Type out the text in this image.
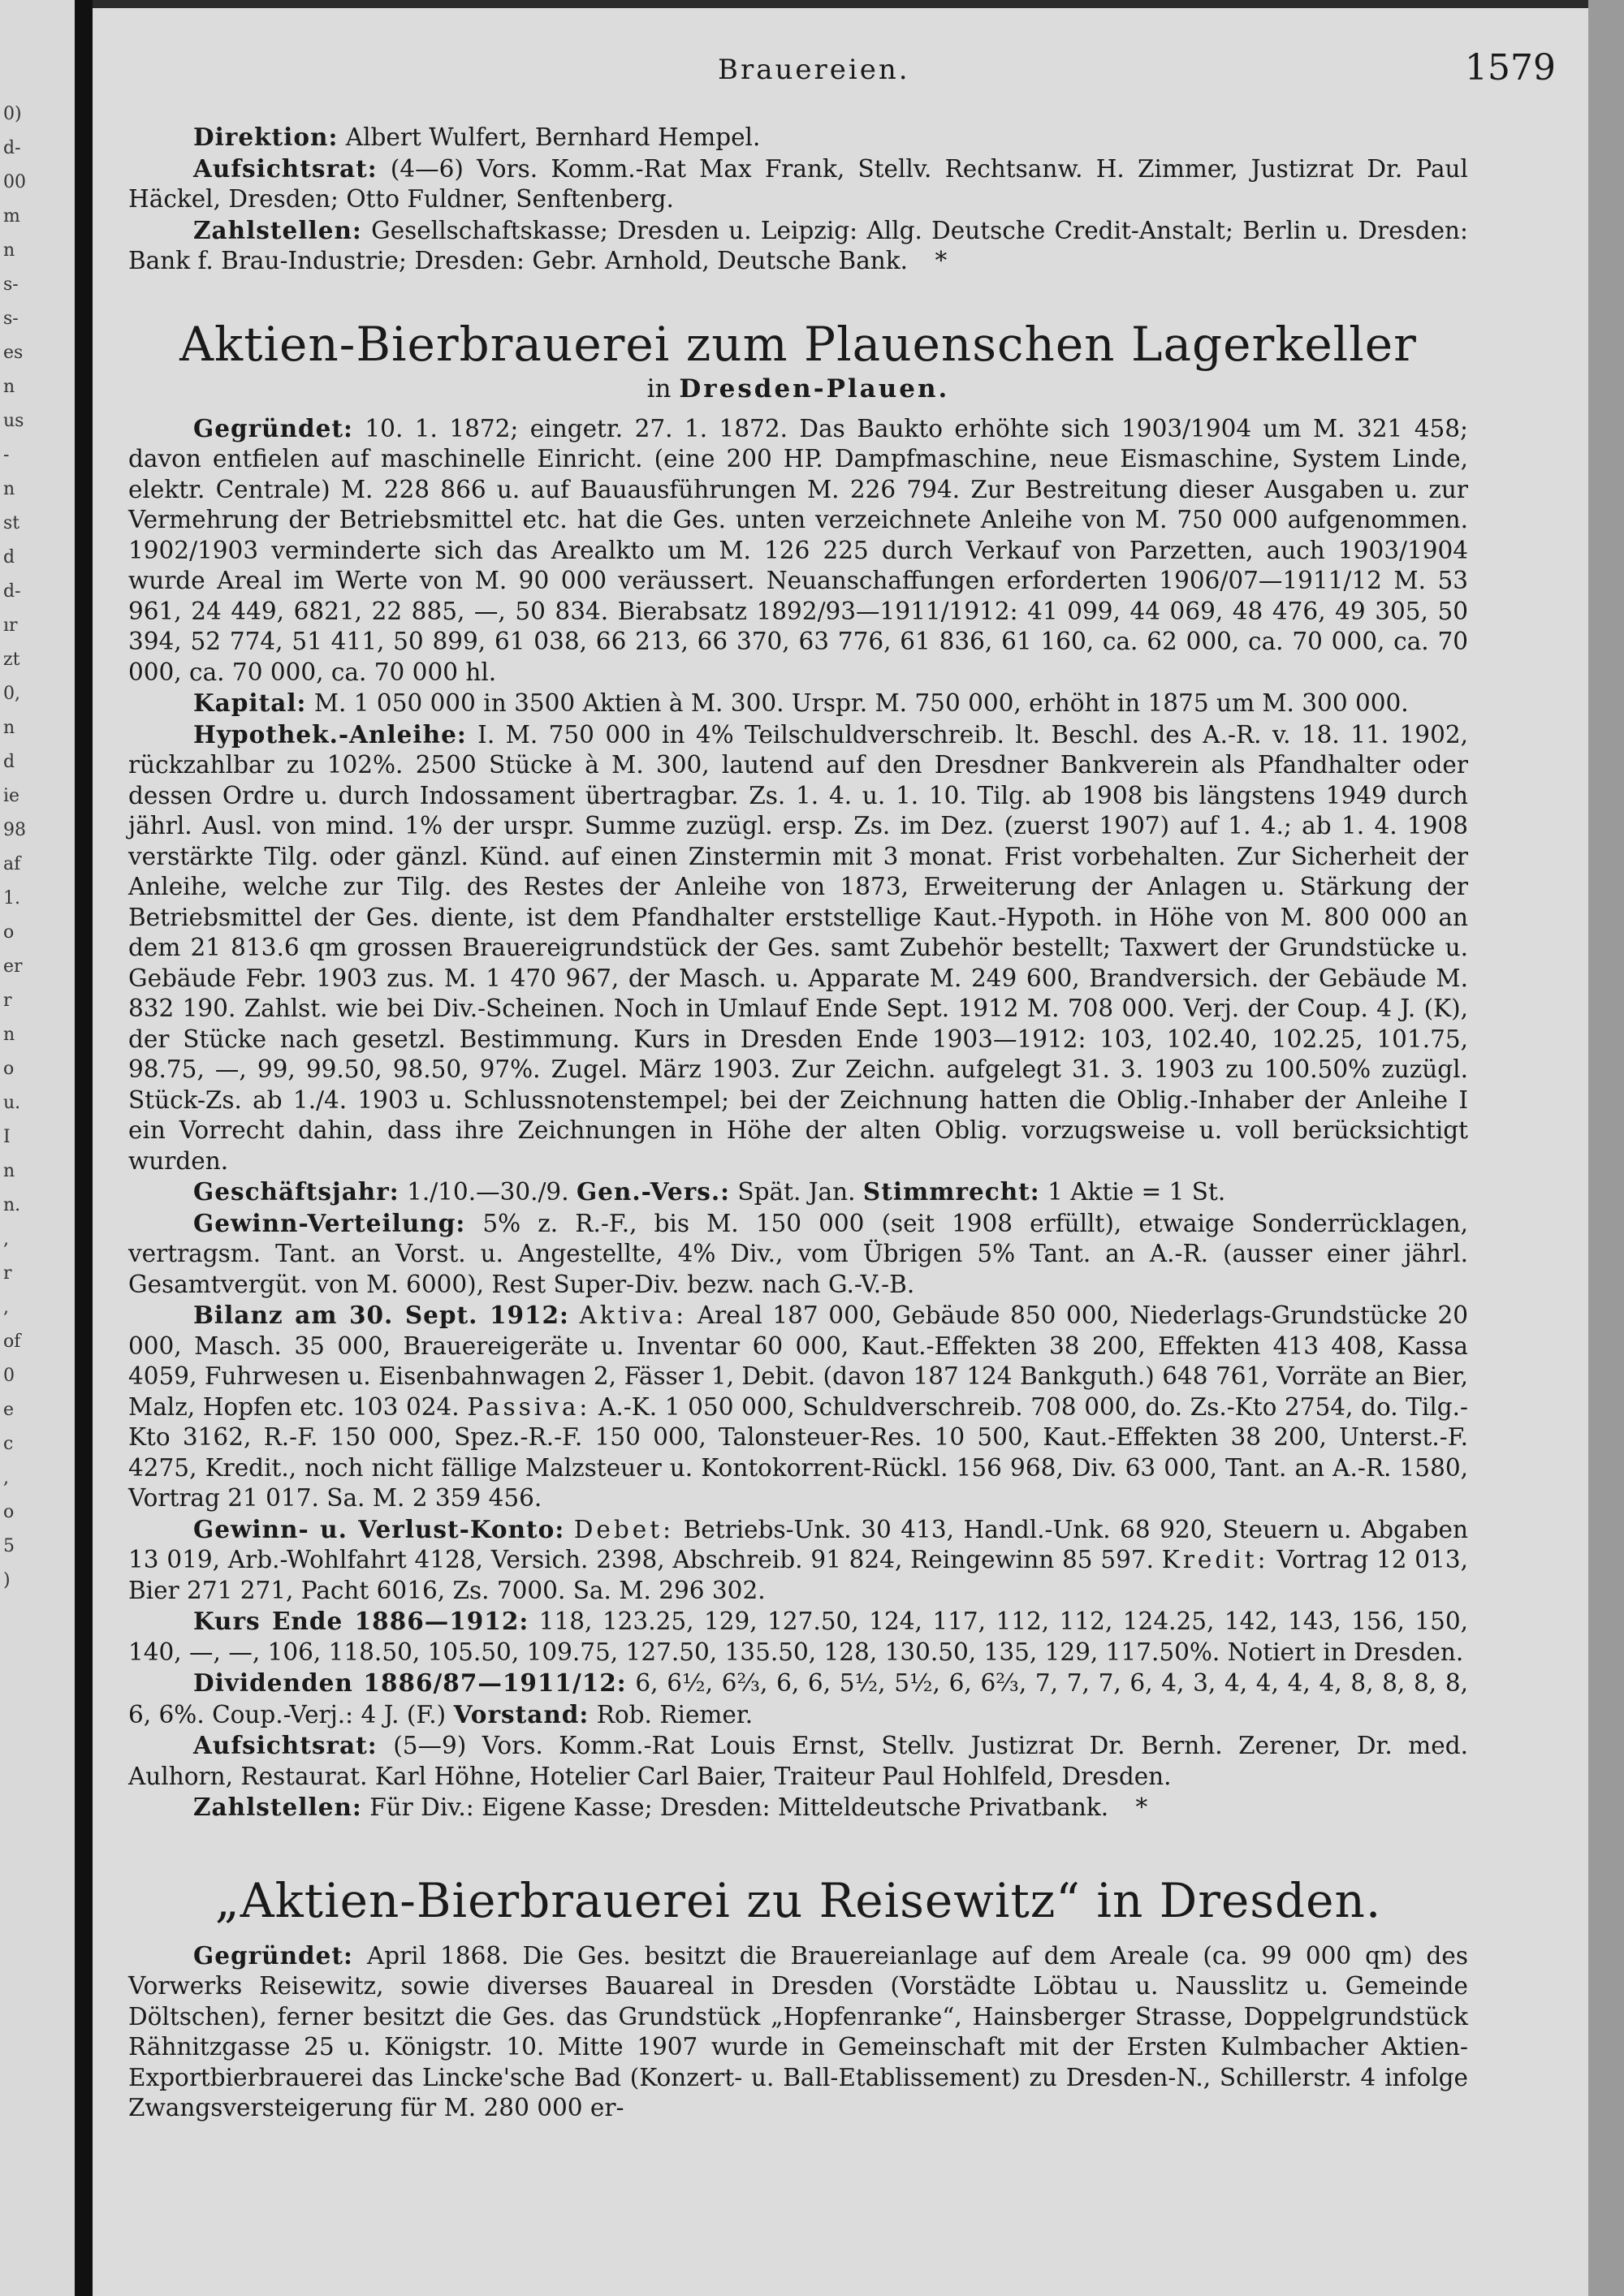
0)
d-
00
m
n
s-
s-
es
n
us
-
n
st
d
d-
ır
zt
0,
n
d
ie
98
af
1.
o
er
r
n
o
u.
I
n
n.
,
r
,
of
0
e
c
,
o
5
)
Brauereien.	1579

Direktion: Albert Wulfert, Bernhard Hempel.

Aufsichtsrat: (4—6) Vors. Komm.-Rat Max Frank, Stellv. Rechtsanw. H. Zimmer, Justizrat Dr. Paul Häckel, Dresden; Otto Fuldner, Senftenberg.

Zahlstellen: Gesellschaftskasse; Dresden u. Leipzig: Allg. Deutsche Credit-Anstalt; Berlin u. Dresden: Bank f. Brau-Industrie; Dresden: Gebr. Arnhold, Deutsche Bank. *

Aktien-Bierbrauerei zum Plauenschen Lagerkeller
in Dresden-Plauen.

Gegründet: 10. 1. 1872; eingetr. 27. 1. 1872. Das Baukto erhöhte sich 1903/1904 um M. 321 458; davon entfielen auf maschinelle Einricht. (eine 200 HP. Dampfmaschine, neue Eismaschine, System Linde, elektr. Centrale) M. 228 866 u. auf Bauausführungen M. 226 794. Zur Bestreitung dieser Ausgaben u. zur Vermehrung der Betriebsmittel etc. hat die Ges. unten verzeichnete Anleihe von M. 750 000 aufgenommen. 1902/1903 verminderte sich das Arealkto um M. 126 225 durch Verkauf von Parzetten, auch 1903/1904 wurde Areal im Werte von M. 90 000 veräussert. Neuanschaffungen erforderten 1906/07—1911/12 M. 53 961, 24 449, 6821, 22 885, —, 50 834. Bierabsatz 1892/93—1911/1912: 41 099, 44 069, 48 476, 49 305, 50 394, 52 774, 51 411, 50 899, 61 038, 66 213, 66 370, 63 776, 61 836, 61 160, ca. 62 000, ca. 70 000, ca. 70 000, ca. 70 000, ca. 70 000 hl.

Kapital: M. 1 050 000 in 3500 Aktien à M. 300. Urspr. M. 750 000, erhöht in 1875 um M. 300 000.

Hypothek.-Anleihe: I. M. 750 000 in 4% Teilschuldverschreib. lt. Beschl. des A.-R. v. 18. 11. 1902, rückzahlbar zu 102%. 2500 Stücke à M. 300, lautend auf den Dresdner Bankverein als Pfandhalter oder dessen Ordre u. durch Indossament übertragbar. Zs. 1. 4. u. 1. 10. Tilg. ab 1908 bis längstens 1949 durch jährl. Ausl. von mind. 1% der urspr. Summe zuzügl. ersp. Zs. im Dez. (zuerst 1907) auf 1. 4.; ab 1. 4. 1908 verstärkte Tilg. oder gänzl. Künd. auf einen Zinstermin mit 3 monat. Frist vorbehalten. Zur Sicherheit der Anleihe, welche zur Tilg. des Restes der Anleihe von 1873, Erweiterung der Anlagen u. Stärkung der Betriebsmittel der Ges. diente, ist dem Pfandhalter erststellige Kaut.-Hypoth. in Höhe von M. 800 000 an dem 21 813.6 qm grossen Brauereigrundstück der Ges. samt Zubehör bestellt; Taxwert der Grundstücke u. Gebäude Febr. 1903 zus. M. 1 470 967, der Masch. u. Apparate M. 249 600, Brandversich. der Gebäude M. 832 190. Zahlst. wie bei Div.-Scheinen. Noch in Umlauf Ende Sept. 1912 M. 708 000. Verj. der Coup. 4 J. (K), der Stücke nach gesetzl. Bestimmung. Kurs in Dresden Ende 1903—1912: 103, 102.40, 102.25, 101.75, 98.75, —, 99, 99.50, 98.50, 97%. Zugel. März 1903. Zur Zeichn. aufgelegt 31. 3. 1903 zu 100.50% zuzügl. Stück-Zs. ab 1./4. 1903 u. Schlussnotenstempel; bei der Zeichnung hatten die Oblig.-Inhaber der Anleihe I ein Vorrecht dahin, dass ihre Zeichnungen in Höhe der alten Oblig. vorzugsweise u. voll berücksichtigt wurden.

Geschäftsjahr: 1./10.—30./9. Gen.-Vers.: Spät. Jan. Stimmrecht: 1 Aktie = 1 St.

Gewinn-Verteilung: 5% z. R.-F., bis M. 150 000 (seit 1908 erfüllt), etwaige Sonderrücklagen, vertragsm. Tant. an Vorst. u. Angestellte, 4% Div., vom Übrigen 5% Tant. an A.-R. (ausser einer jährl. Gesamtvergüt. von M. 6000), Rest Super-Div. bezw. nach G.-V.-B.

Bilanz am 30. Sept. 1912: Aktiva: Areal 187 000, Gebäude 850 000, Niederlags-Grundstücke 20 000, Masch. 35 000, Brauereigeräte u. Inventar 60 000, Kaut.-Effekten 38 200, Effekten 413 408, Kassa 4059, Fuhrwesen u. Eisenbahnwagen 2, Fässer 1, Debit. (davon 187 124 Bankguth.) 648 761, Vorräte an Bier, Malz, Hopfen etc. 103 024. Passiva: A.-K. 1 050 000, Schuldverschreib. 708 000, do. Zs.-Kto 2754, do. Tilg.-Kto 3162, R.-F. 150 000, Spez.-R.-F. 150 000, Talonsteuer-Res. 10 500, Kaut.-Effekten 38 200, Unterst.-F. 4275, Kredit., noch nicht fällige Malzsteuer u. Kontokorrent-Rückl. 156 968, Div. 63 000, Tant. an A.-R. 1580, Vortrag 21 017. Sa. M. 2 359 456.

Gewinn- u. Verlust-Konto: Debet: Betriebs-Unk. 30 413, Handl.-Unk. 68 920, Steuern u. Abgaben 13 019, Arb.-Wohlfahrt 4128, Versich. 2398, Abschreib. 91 824, Reingewinn 85 597. Kredit: Vortrag 12 013, Bier 271 271, Pacht 6016, Zs. 7000. Sa. M. 296 302.

Kurs Ende 1886—1912: 118, 123.25, 129, 127.50, 124, 117, 112, 112, 124.25, 142, 143, 156, 150, 140, —, —, 106, 118.50, 105.50, 109.75, 127.50, 135.50, 128, 130.50, 135, 129, 117.50%. Notiert in Dresden.

Dividenden 1886/87—1911/12: 6, 6½, 6⅔, 6, 6, 5½, 5½, 6, 6⅔, 7, 7, 7, 6, 4, 3, 4, 4, 4, 4, 8, 8, 8, 8, 6, 6%. Coup.-Verj.: 4 J. (F.) Vorstand: Rob. Riemer.

Aufsichtsrat: (5—9) Vors. Komm.-Rat Louis Ernst, Stellv. Justizrat Dr. Bernh. Zerener, Dr. med. Aulhorn, Restaurat. Karl Höhne, Hotelier Carl Baier, Traiteur Paul Hohlfeld, Dresden.

Zahlstellen: Für Div.: Eigene Kasse; Dresden: Mitteldeutsche Privatbank. *

„Aktien-Bierbrauerei zu Reisewitz“ in Dresden.

Gegründet: April 1868. Die Ges. besitzt die Brauereianlage auf dem Areale (ca. 99 000 qm) des Vorwerks Reisewitz, sowie diverses Bauareal in Dresden (Vorstädte Löbtau u. Nausslitz u. Gemeinde Döltschen), ferner besitzt die Ges. das Grundstück „Hopfenranke“, Hainsberger Strasse, Doppelgrundstück Rähnitzgasse 25 u. Königstr. 10. Mitte 1907 wurde in Gemeinschaft mit der Ersten Kulmbacher Aktien-Exportbierbrauerei das Lincke'sche Bad (Konzert- u. Ball-Etablissement) zu Dresden-N., Schillerstr. 4 infolge Zwangsversteigerung für M. 280 000 er-
